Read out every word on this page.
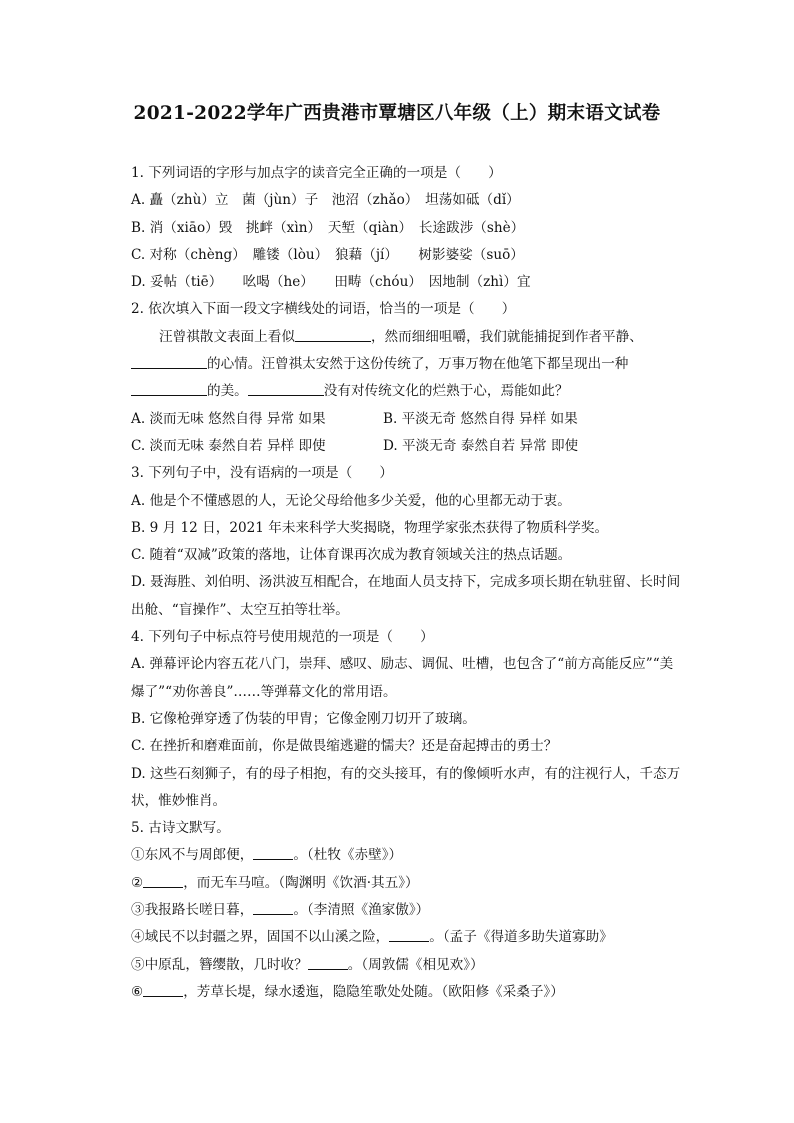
2021-2022学年广西贵港市覃塘区八年级（上）期末语文试卷
1. 下列词语的字形与加点字的读音完全正确的一项是（　　）
A. 矗（zhù）立　菌（jùn）子　池沼（zhǎo）　坦荡如砥（dǐ）
B. 消（xiāo）毁　挑衅（xìn）　天堑（qiàn）　长途跋涉（shè）
C. 对称（chèng）　雕镂（lòu）　狼藉（jí）　　树影婆娑（suō）
D. 妥帖（tiē）　　吆喝（he）　　田畴（chóu）　因地制（zhì）宜
2. 依次填入下面一段文字横线处的词语，恰当的一项是（　　）
汪曾祺散文表面上看似	，然而细细咀嚼，我们就能捕捉到作者平静、
的心情。汪曾祺太安然于这份传统了，万事万物在他笔下都呈现出一种
的美。	没有对传统文化的烂熟于心，焉能如此？
A. 淡而无味 悠然自得 异常 如果	B. 平淡无奇 悠然自得 异样 如果
C. 淡而无味 泰然自若 异样 即使	D. 平淡无奇 泰然自若 异常 即使
3. 下列句子中，没有语病的一项是（　　）
A. 他是个不懂感恩的人，无论父母给他多少关爱，他的心里都无动于衷。
B. 9 月 12 日，2021 年未来科学大奖揭晓，物理学家张杰获得了物质科学奖。
C. 随着“双减”政策的落地，让体育课再次成为教育领域关注的热点话题。
D. 聂海胜、刘伯明、汤洪波互相配合，在地面人员支持下，完成多项长期在轨驻留、长时间
出舱、“盲操作”、太空互拍等壮举。
4. 下列句子中标点符号使用规范的一项是（　　）
A. 弹幕评论内容五花八门，崇拜、感叹、励志、调侃、吐槽，也包含了“前方高能反应”“美
爆了”“劝你善良”……等弹幕文化的常用语。
B. 它像枪弹穿透了伪装的甲胄；它像金刚刀切开了玻璃。
C. 在挫折和磨难面前，你是做畏缩逃避的懦夫？还是奋起搏击的勇士？
D. 这些石刻狮子，有的母子相抱，有的交头接耳，有的像倾听水声，有的注视行人，千态万
状，惟妙惟肖。
5. 古诗文默写。
①东风不与周郎便，	。（杜牧《赤壁》）
②	，而无车马喧。（陶渊明《饮酒·其五》）
③我报路长嗟日暮，	。（李清照《渔家傲》）
④域民不以封疆之界，固国不以山溪之险，	。（孟子《得道多助失道寡助》
⑤中原乱，簪缨散，几时收？	。（周敦儒《相见欢》）
⑥	，芳草长堤，绿水逶迤，隐隐笙歌处处随。（欧阳修《采桑子》）
